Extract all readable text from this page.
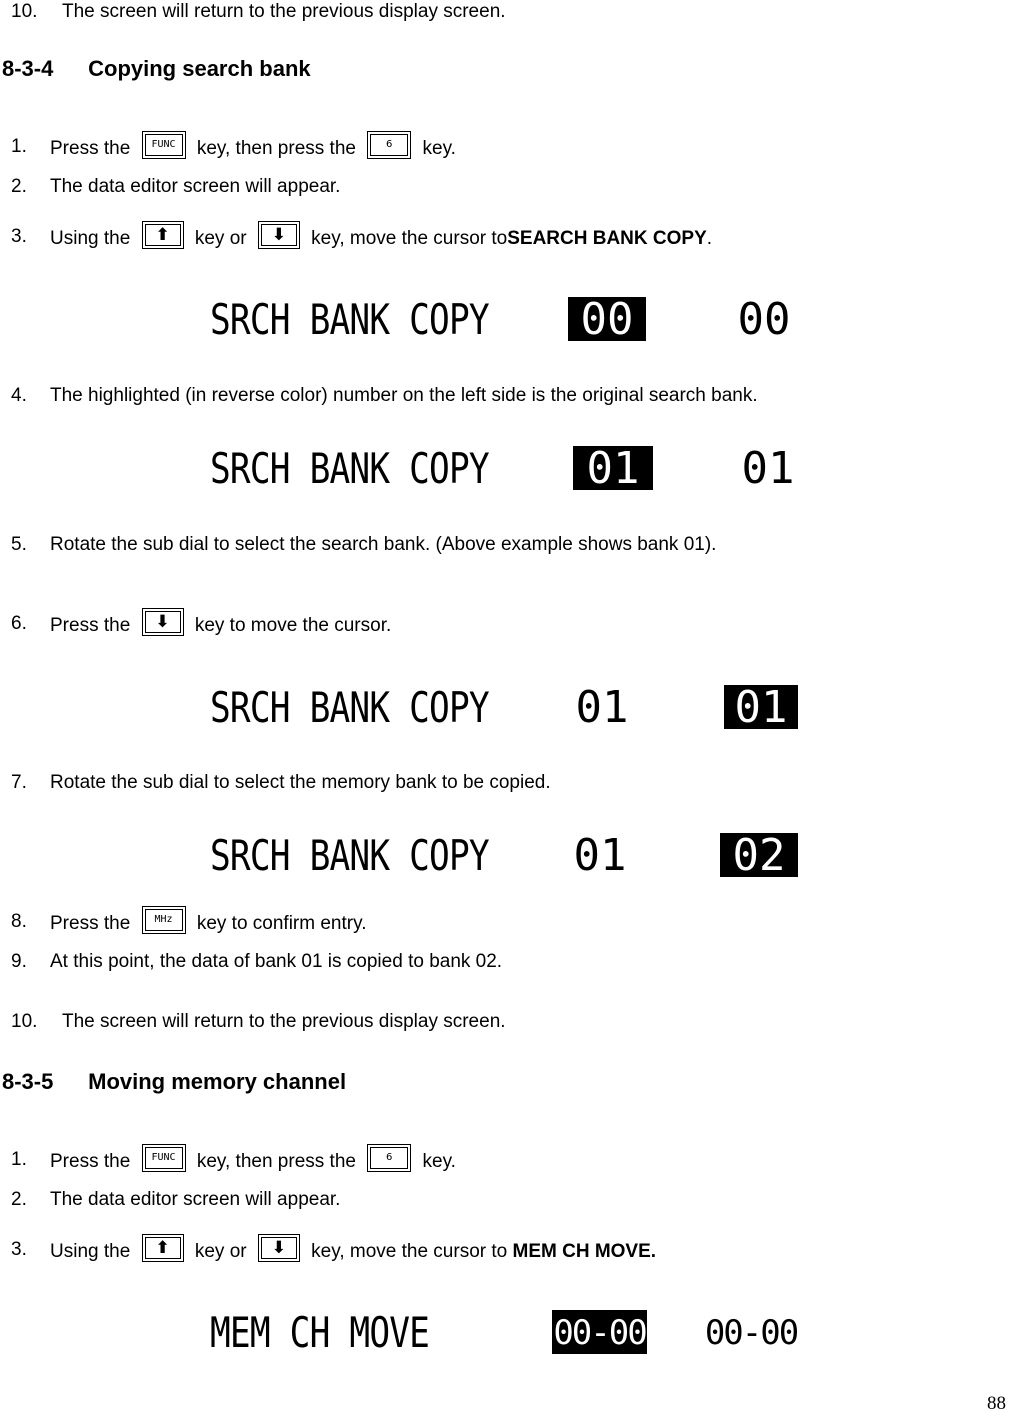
10. The screen will return to the previous display screen.
8-3-4 Copying search bank
1. Press the FUNC key, then press the	6 key.
2. The data editor screen will appear.
3. Using the ⬆ key or ⬇ key, move the cursor toSEARCH BANK COPY.
SRCH BANK COPY 00 00
4. The highlighted (in reverse color) number on the left side is the original search bank.
SRCH BANK COPY	01	01
5. Rotate the sub dial to select the search bank. (Above example shows bank 01).
6. Press the ⬇ key to move the cursor.
SRCH BANK COPY 01 01
7. Rotate the sub dial to select the memory bank to be copied.
SRCH BANK COPY 01 02
8. Press the MHz key to confirm entry.
9. At this point, the data of bank 01 is copied to bank 02.
10. The screen will return to the previous display screen.
8-3-5 Moving memory channel
1. Press the FUNC key, then press the	6 key.
2. The data editor screen will appear.
3. Using the ⬆ key or ⬇ key, move the cursor to MEM CH MOVE.
MEM CH MOVE	00-00 00-00
88
